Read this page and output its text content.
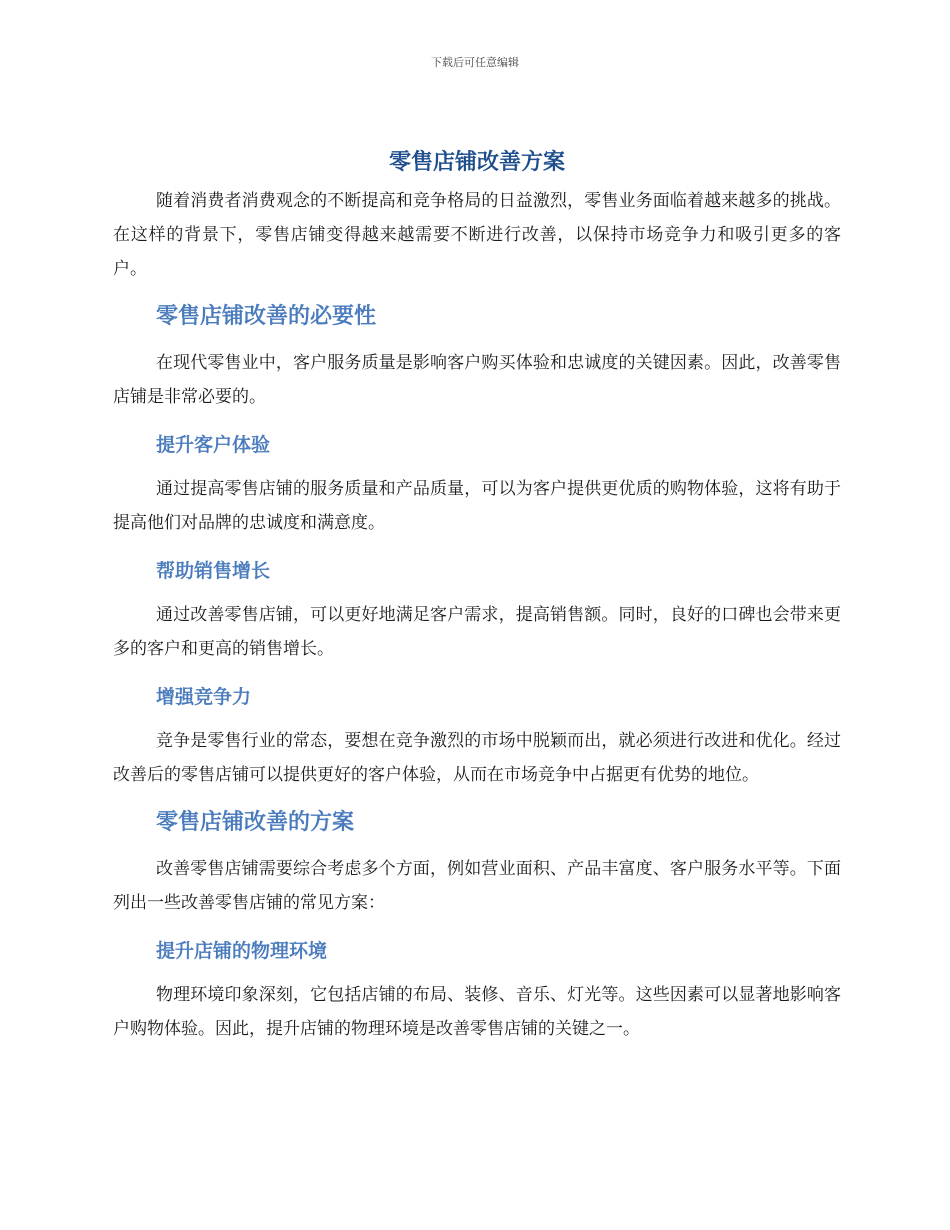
下载后可任意编辑
零售店铺改善方案

随着消费者消费观念的不断提高和竞争格局的日益激烈，零售业务面临着越来越多的挑战。在这样的背景下，零售店铺变得越来越需要不断进行改善，以保持市场竞争力和吸引更多的客户。

零售店铺改善的必要性

在现代零售业中，客户服务质量是影响客户购买体验和忠诚度的关键因素。因此，改善零售店铺是非常必要的。

提升客户体验

通过提高零售店铺的服务质量和产品质量，可以为客户提供更优质的购物体验，这将有助于提高他们对品牌的忠诚度和满意度。

帮助销售增长

通过改善零售店铺，可以更好地满足客户需求，提高销售额。同时，良好的口碑也会带来更多的客户和更高的销售增长。

增强竞争力

竞争是零售行业的常态，要想在竞争激烈的市场中脱颖而出，就必须进行改进和优化。经过改善后的零售店铺可以提供更好的客户体验，从而在市场竞争中占据更有优势的地位。

零售店铺改善的方案

改善零售店铺需要综合考虑多个方面，例如营业面积、产品丰富度、客户服务水平等。下面列出一些改善零售店铺的常见方案：

提升店铺的物理环境

物理环境印象深刻，它包括店铺的布局、装修、音乐、灯光等。这些因素可以显著地影响客户购物体验。因此，提升店铺的物理环境是改善零售店铺的关键之一。
